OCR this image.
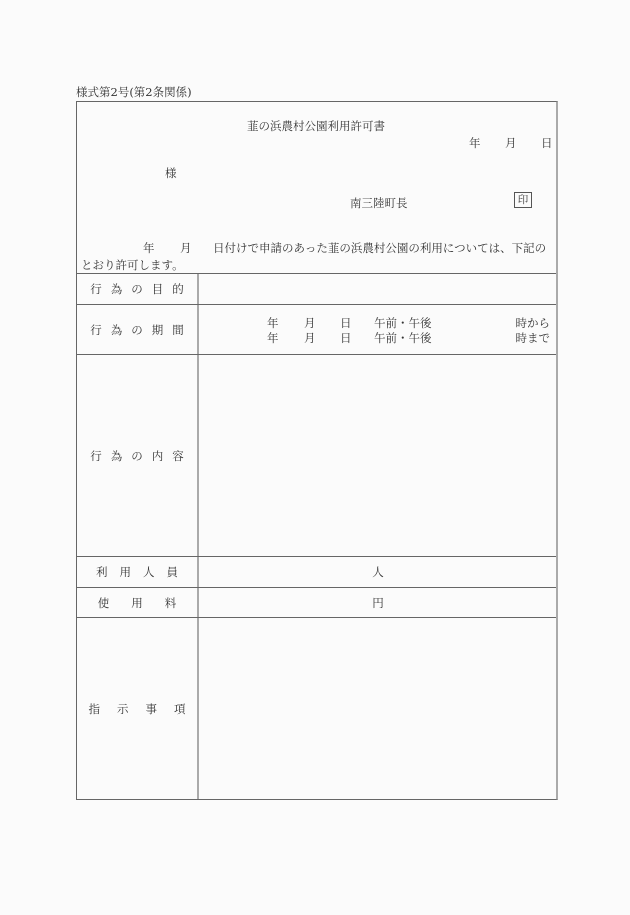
様式第2号(第2条関係)
韮の浜農村公園利用許可書
年 月 日
様
南三陸町長	印
年 月 日付けで申請のあった韮の浜農村公園の利用については、下記の
とおり許可します。
行為の目的
行為の期間	年 月 日 午前・午後	時から
年 月 日 午前・午後	時まで
行為の内容
利用人員	人
使用料	円
指示事項
